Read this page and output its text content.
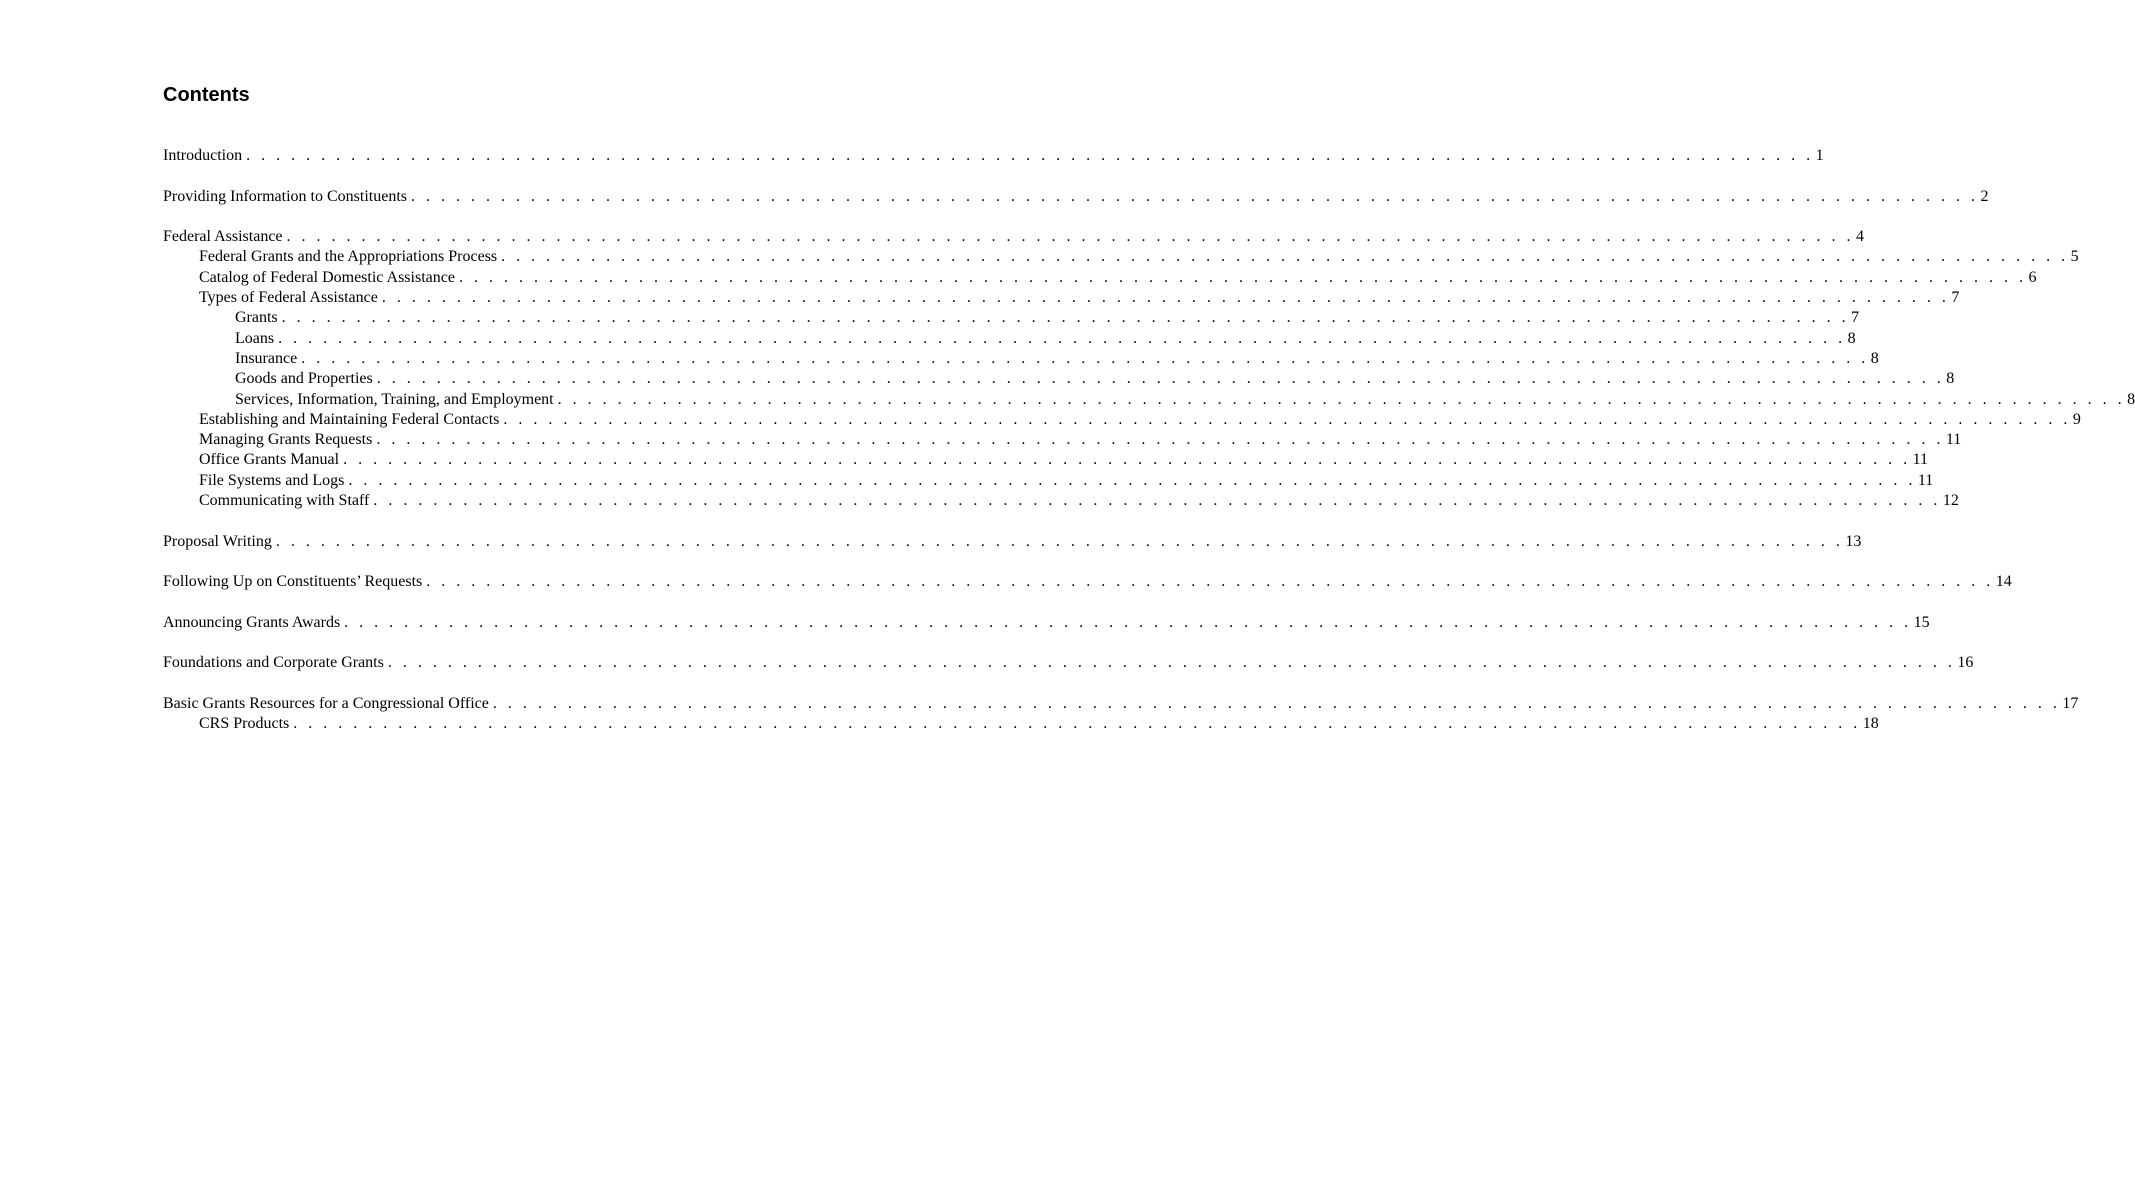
Contents
Introduction . . . . . . . . . . . . . . . . . . . . . . . . . . . . . . . . . . . . . . . . . . . . . . . . . . . . . . . . . . . . . . . . . . . . . . . . . . . . . . . . . . . . . . . . . . . . . . . . . . . . . . . . . 1
Providing Information to Constituents . . . . . . . . . . . . . . . . . . . . . . . . . . . . . . . . . . . . . . . . . . . . . . . . . . . . . . . . . . . . . . . . . . . . . . . . . . . . . . . . . . . . . . . . . . . . . . . . . . . . . . . . . 2
Federal Assistance . . . . . . . . . . . . . . . . . . . . . . . . . . . . . . . . . . . . . . . . . . . . . . . . . . . . . . . . . . . . . . . . . . . . . . . . . . . . . . . . . . . . . . . . . . . . . . . . . . . . . . . . . 4
Federal Grants and the Appropriations Process . . . . . . . . . . . . . . . . . . . . . . . . . . . . . . . . . . . . . . . . . . . . . . . . . . . . . . . . . . . . . . . . . . . . . . . . . . . . . . . . . . . . . . . . . . . . . . . . . . . . . . . . . 5
Catalog of Federal Domestic Assistance . . . . . . . . . . . . . . . . . . . . . . . . . . . . . . . . . . . . . . . . . . . . . . . . . . . . . . . . . . . . . . . . . . . . . . . . . . . . . . . . . . . . . . . . . . . . . . . . . . . . . . . . . 6
Types of Federal Assistance . . . . . . . . . . . . . . . . . . . . . . . . . . . . . . . . . . . . . . . . . . . . . . . . . . . . . . . . . . . . . . . . . . . . . . . . . . . . . . . . . . . . . . . . . . . . . . . . . . . . . . . . . 7
Grants . . . . . . . . . . . . . . . . . . . . . . . . . . . . . . . . . . . . . . . . . . . . . . . . . . . . . . . . . . . . . . . . . . . . . . . . . . . . . . . . . . . . . . . . . . . . . . . . . . . . . . . . . 7
Loans . . . . . . . . . . . . . . . . . . . . . . . . . . . . . . . . . . . . . . . . . . . . . . . . . . . . . . . . . . . . . . . . . . . . . . . . . . . . . . . . . . . . . . . . . . . . . . . . . . . . . . . . . 8
Insurance . . . . . . . . . . . . . . . . . . . . . . . . . . . . . . . . . . . . . . . . . . . . . . . . . . . . . . . . . . . . . . . . . . . . . . . . . . . . . . . . . . . . . . . . . . . . . . . . . . . . . . . . . 8
Goods and Properties . . . . . . . . . . . . . . . . . . . . . . . . . . . . . . . . . . . . . . . . . . . . . . . . . . . . . . . . . . . . . . . . . . . . . . . . . . . . . . . . . . . . . . . . . . . . . . . . . . . . . . . . . 8
Services, Information, Training, and Employment . . . . . . . . . . . . . . . . . . . . . . . . . . . . . . . . . . . . . . . . . . . . . . . . . . . . . . . . . . . . . . . . . . . . . . . . . . . . . . . . . . . . . . . . . . . . . . . . . . . . . . . . . 8
Establishing and Maintaining Federal Contacts . . . . . . . . . . . . . . . . . . . . . . . . . . . . . . . . . . . . . . . . . . . . . . . . . . . . . . . . . . . . . . . . . . . . . . . . . . . . . . . . . . . . . . . . . . . . . . . . . . . . . . . . . 9
Managing Grants Requests . . . . . . . . . . . . . . . . . . . . . . . . . . . . . . . . . . . . . . . . . . . . . . . . . . . . . . . . . . . . . . . . . . . . . . . . . . . . . . . . . . . . . . . . . . . . . . . . . . . . . . . . . 11
Office Grants Manual . . . . . . . . . . . . . . . . . . . . . . . . . . . . . . . . . . . . . . . . . . . . . . . . . . . . . . . . . . . . . . . . . . . . . . . . . . . . . . . . . . . . . . . . . . . . . . . . . . . . . . . . . 11
File Systems and Logs . . . . . . . . . . . . . . . . . . . . . . . . . . . . . . . . . . . . . . . . . . . . . . . . . . . . . . . . . . . . . . . . . . . . . . . . . . . . . . . . . . . . . . . . . . . . . . . . . . . . . . . . . 11
Communicating with Staff . . . . . . . . . . . . . . . . . . . . . . . . . . . . . . . . . . . . . . . . . . . . . . . . . . . . . . . . . . . . . . . . . . . . . . . . . . . . . . . . . . . . . . . . . . . . . . . . . . . . . . . . . 12
Proposal Writing . . . . . . . . . . . . . . . . . . . . . . . . . . . . . . . . . . . . . . . . . . . . . . . . . . . . . . . . . . . . . . . . . . . . . . . . . . . . . . . . . . . . . . . . . . . . . . . . . . . . . . . . . 13
Following Up on Constituents’ Requests . . . . . . . . . . . . . . . . . . . . . . . . . . . . . . . . . . . . . . . . . . . . . . . . . . . . . . . . . . . . . . . . . . . . . . . . . . . . . . . . . . . . . . . . . . . . . . . . . . . . . . . . . 14
Announcing Grants Awards . . . . . . . . . . . . . . . . . . . . . . . . . . . . . . . . . . . . . . . . . . . . . . . . . . . . . . . . . . . . . . . . . . . . . . . . . . . . . . . . . . . . . . . . . . . . . . . . . . . . . . . . . 15
Foundations and Corporate Grants . . . . . . . . . . . . . . . . . . . . . . . . . . . . . . . . . . . . . . . . . . . . . . . . . . . . . . . . . . . . . . . . . . . . . . . . . . . . . . . . . . . . . . . . . . . . . . . . . . . . . . . . . 16
Basic Grants Resources for a Congressional Office . . . . . . . . . . . . . . . . . . . . . . . . . . . . . . . . . . . . . . . . . . . . . . . . . . . . . . . . . . . . . . . . . . . . . . . . . . . . . . . . . . . . . . . . . . . . . . . . . . . . . . . . . 17
CRS Products . . . . . . . . . . . . . . . . . . . . . . . . . . . . . . . . . . . . . . . . . . . . . . . . . . . . . . . . . . . . . . . . . . . . . . . . . . . . . . . . . . . . . . . . . . . . . . . . . . . . . . . . . 18
